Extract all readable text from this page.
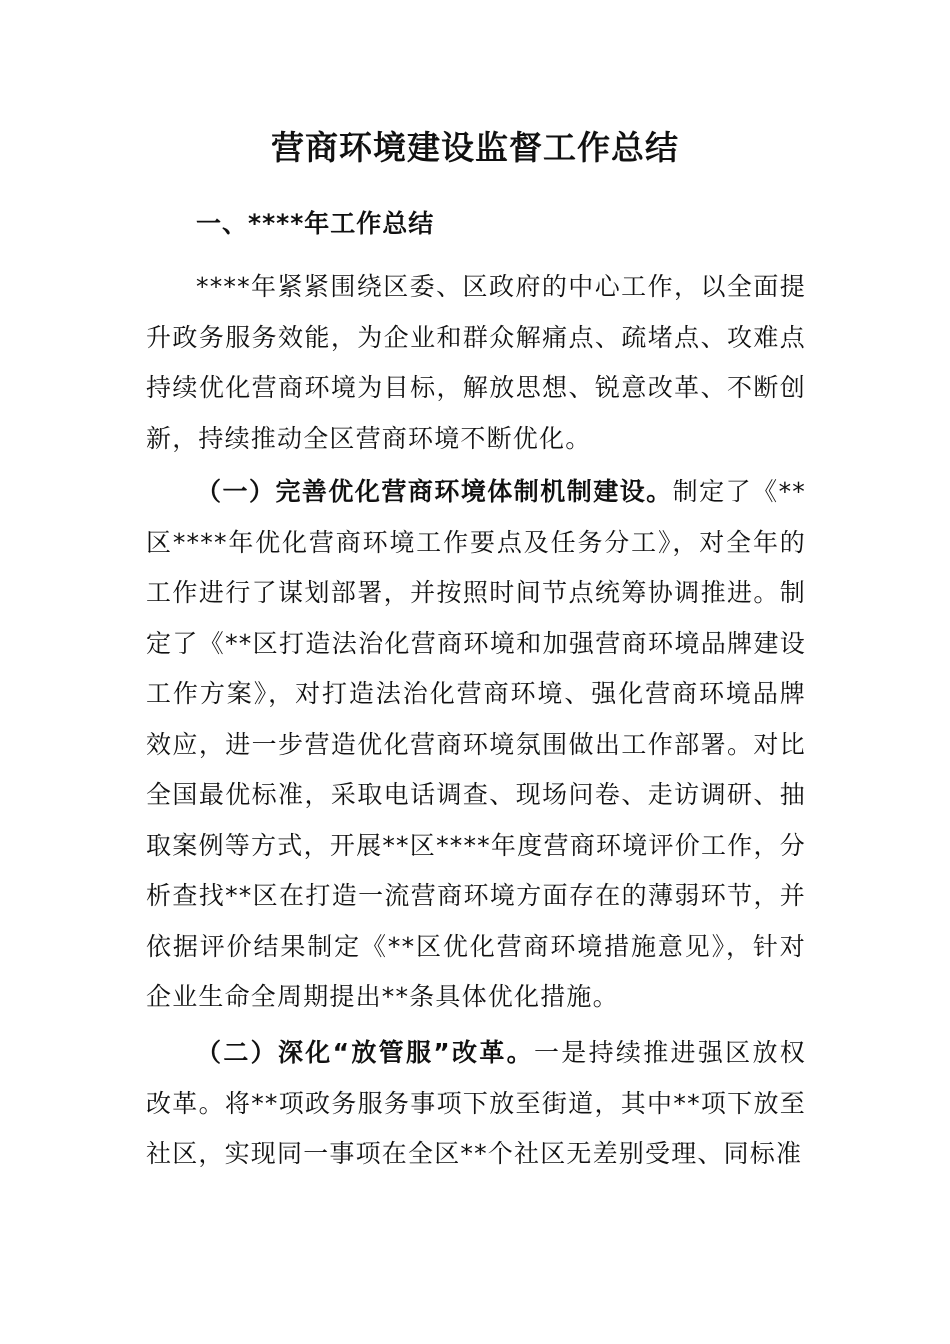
营商环境建设监督工作总结
一、****年工作总结

****年紧紧围绕区委、区政府的中心工作，以全面提升政务服务效能，为企业和群众解痛点、疏堵点、攻难点持续优化营商环境为目标，解放思想、锐意改革、不断创新，持续推动全区营商环境不断优化。

（一）完善优化营商环境体制机制建设。制定了《**区****年优化营商环境工作要点及任务分工》，对全年的工作进行了谋划部署，并按照时间节点统筹协调推进。制定了《**区打造法治化营商环境和加强营商环境品牌建设工作方案》，对打造法治化营商环境、强化营商环境品牌效应，进一步营造优化营商环境氛围做出工作部署。对比全国最优标准，采取电话调查、现场问卷、走访调研、抽取案例等方式，开展**区****年度营商环境评价工作，分析查找**区在打造一流营商环境方面存在的薄弱环节，并依据评价结果制定《**区优化营商环境措施意见》，针对企业生命全周期提出**条具体优化措施。

（二）深化“放管服”改革。一是持续推进强区放权改革。将**项政务服务事项下放至街道，其中**项下放至社区，实现同一事项在全区**个社区无差别受理、同标准
